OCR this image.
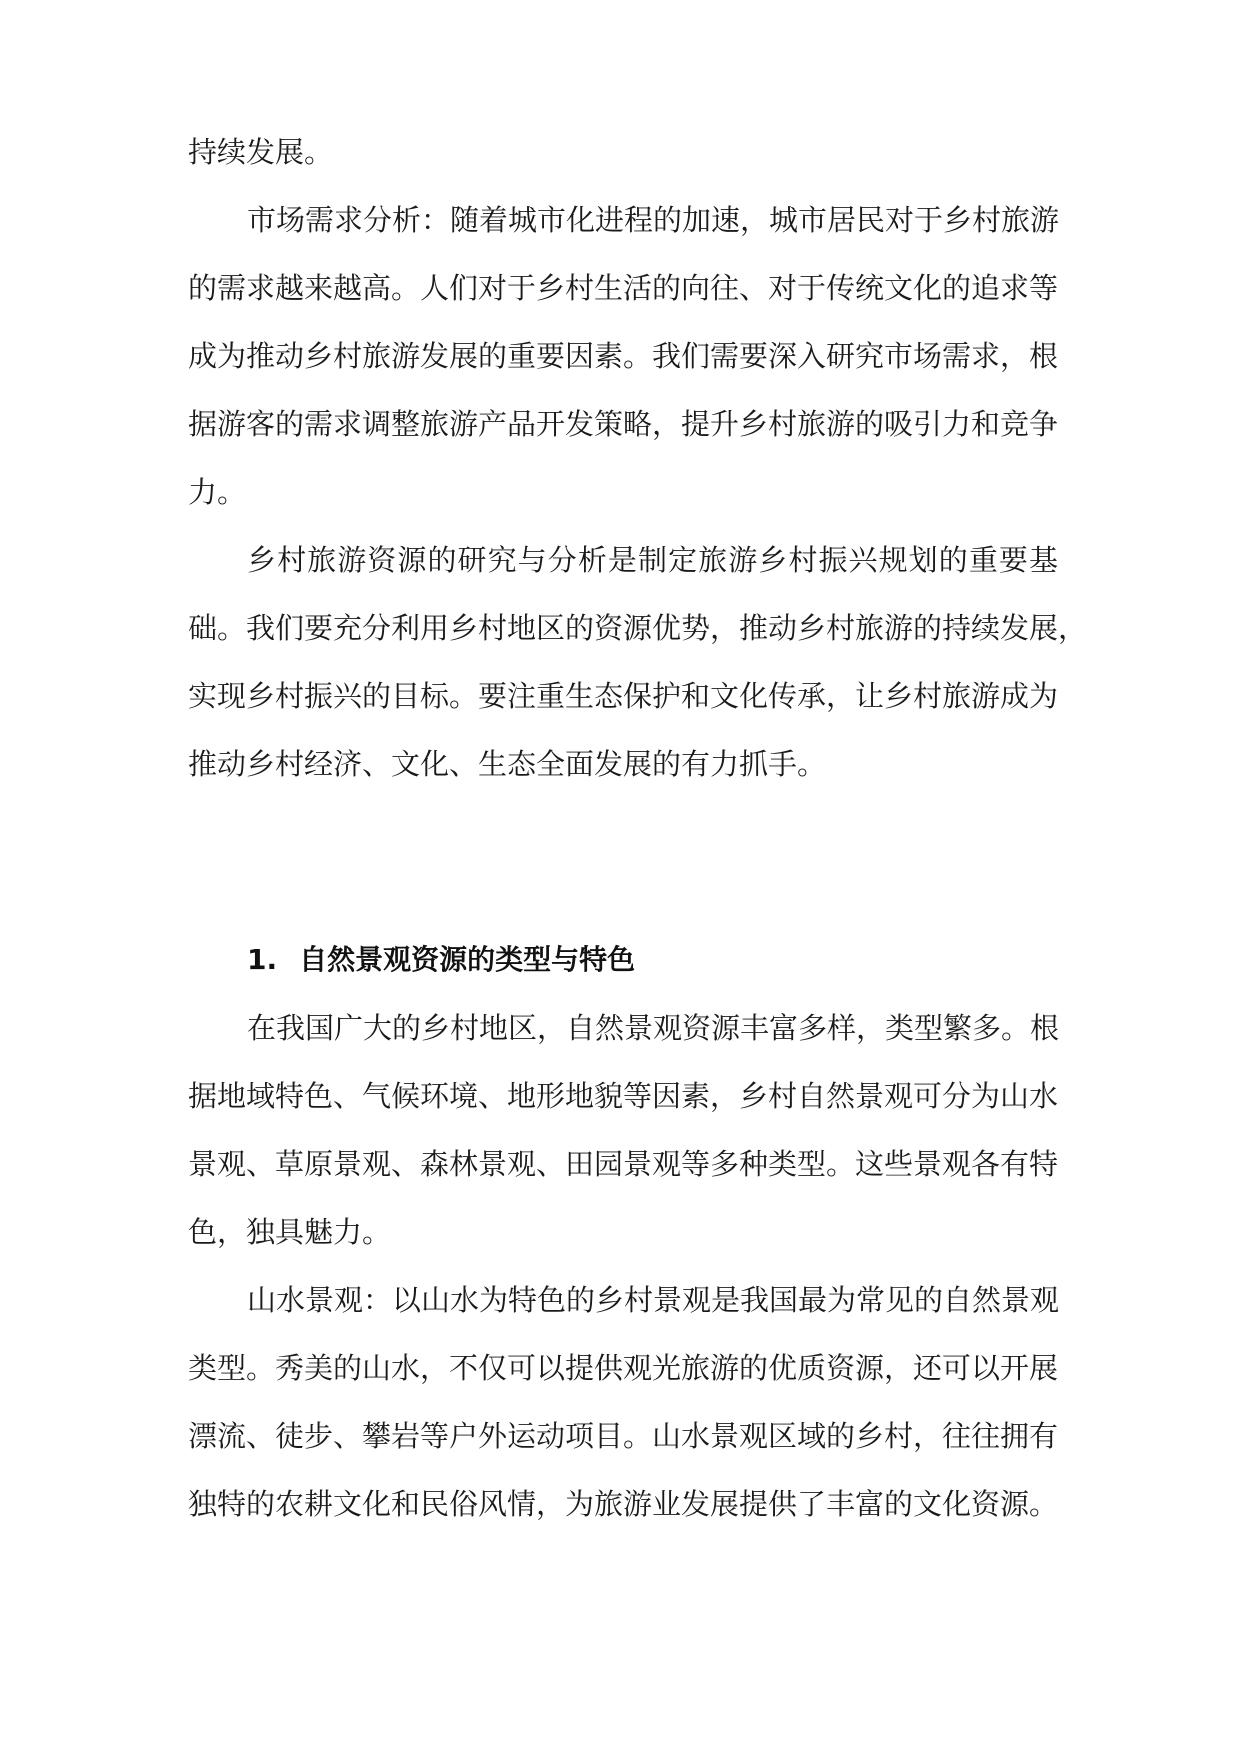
持续发展。
市场需求分析：随着城市化进程的加速，城市居民对于乡村旅游
的需求越来越高。人们对于乡村生活的向往、对于传统文化的追求等
成为推动乡村旅游发展的重要因素。我们需要深入研究市场需求，根
据游客的需求调整旅游产品开发策略，提升乡村旅游的吸引力和竞争
力。
乡村旅游资源的研究与分析是制定旅游乡村振兴规划的重要基
础。我们要充分利用乡村地区的资源优势，推动乡村旅游的持续发展，
实现乡村振兴的目标。要注重生态保护和文化传承，让乡村旅游成为
推动乡村经济、文化、生态全面发展的有力抓手。
1. 自然景观资源的类型与特色
在我国广大的乡村地区，自然景观资源丰富多样，类型繁多。根
据地域特色、气候环境、地形地貌等因素，乡村自然景观可分为山水
景观、草原景观、森林景观、田园景观等多种类型。这些景观各有特
色，独具魅力。
山水景观：以山水为特色的乡村景观是我国最为常见的自然景观
类型。秀美的山水，不仅可以提供观光旅游的优质资源，还可以开展
漂流、徒步、攀岩等户外运动项目。山水景观区域的乡村，往往拥有
独特的农耕文化和民俗风情，为旅游业发展提供了丰富的文化资源。
